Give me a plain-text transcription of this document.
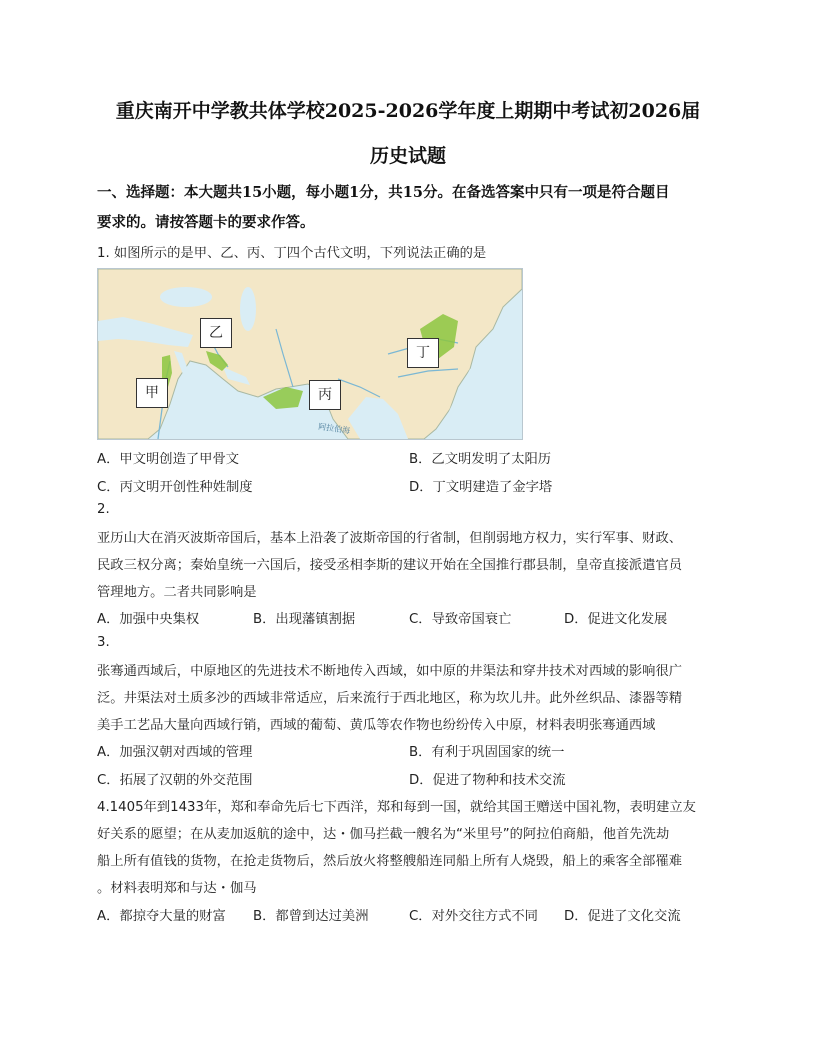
重庆南开中学教共体学校2025-2026学年度上期期中考试初2026届
历史试题
一、选择题：本大题共15小题，每小题1分，共15分。在备选答案中只有一项是符合题目
要求的。请按答题卡的要求作答。
1. 如图所示的是甲、乙、丙、丁四个古代文明，下列说法正确的是
阿拉伯海
甲
乙
丙
丁
A．甲文明创造了甲骨文	B．乙文明发明了太阳历
C．丙文明开创性种姓制度	D．丁文明建造了金字塔
2.
亚历山大在消灭波斯帝国后，基本上沿袭了波斯帝国的行省制，但削弱地方权力，实行军事、财政、
民政三权分离；秦始皇统一六国后，接受丞相李斯的建议开始在全国推行郡县制，皇帝直接派遣官员
管理地方。二者共同影响是
A．加强中央集权	B．出现藩镇割据	C．导致帝国衰亡	D．促进文化发展
3.
张骞通西域后，中原地区的先进技术不断地传入西域，如中原的井渠法和穿井技术对西域的影响很广
泛。井渠法对土质多沙的西域非常适应，后来流行于西北地区，称为坎儿井。此外丝织品、漆器等精
美手工艺品大量向西域行销，西域的葡萄、黄瓜等农作物也纷纷传入中原，材料表明张骞通西域
A．加强汉朝对西域的管理	B．有利于巩固国家的统一
C．拓展了汉朝的外交范围	D．促进了物种和技术交流
4.1405年到1433年，郑和奉命先后七下西洋，郑和每到一国，就给其国王赠送中国礼物，表明建立友
好关系的愿望；在从麦加返航的途中，达・伽马拦截一艘名为“米里号”的阿拉伯商船，他首先洗劫
船上所有值钱的货物，在抢走货物后，然后放火将整艘船连同船上所有人烧毁，船上的乘客全部罹难
。材料表明郑和与达・伽马
A．都掠夺大量的财富 B．都曾到达过美洲	C．对外交往方式不同 D．促进了文化交流
